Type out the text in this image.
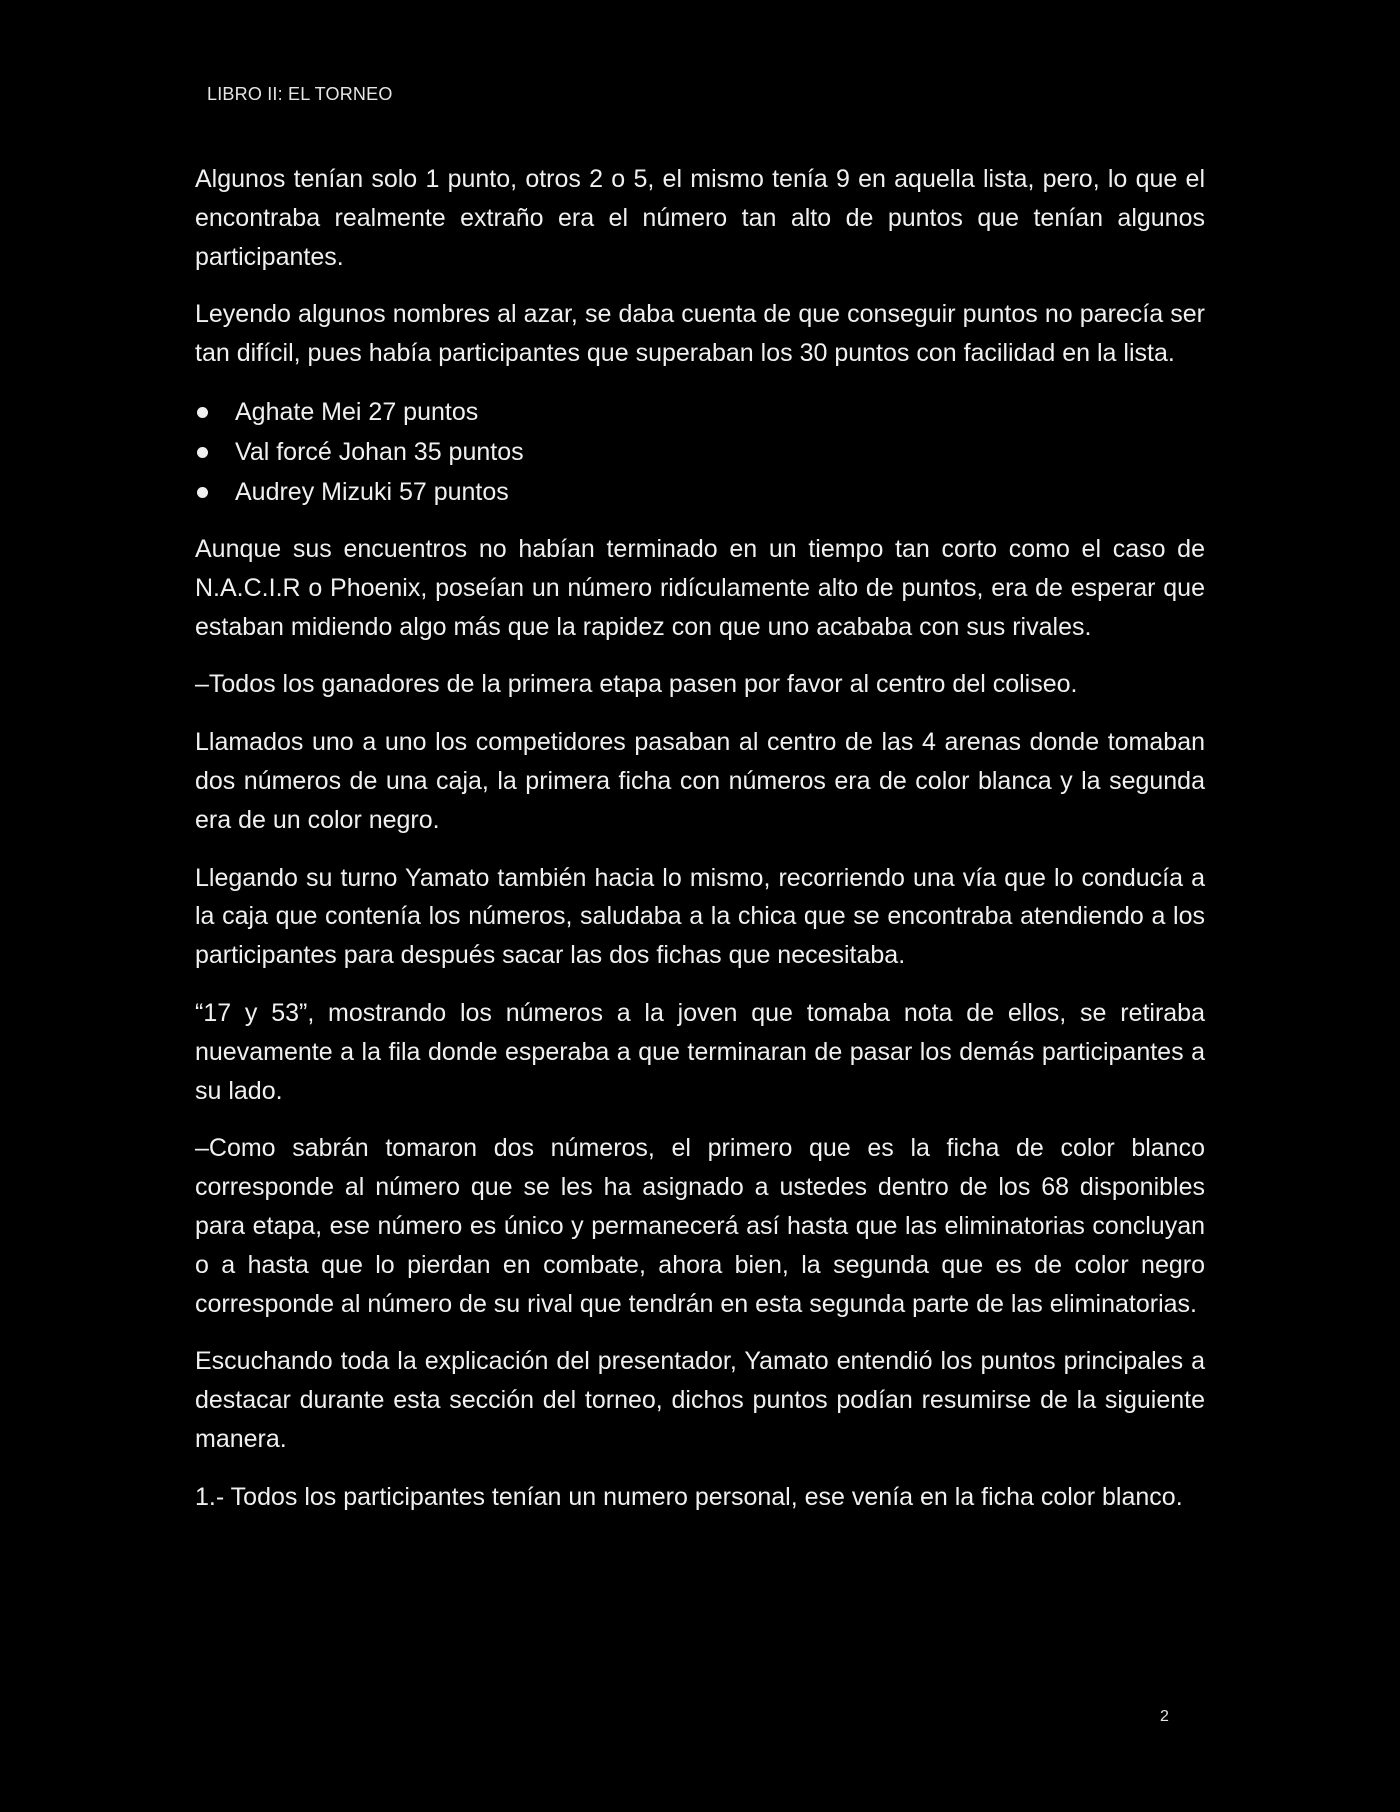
LIBRO II: EL TORNEO

Algunos tenían solo 1 punto, otros 2 o 5, el mismo tenía 9 en aquella lista, pero, lo que el encontraba realmente extraño era el número tan alto de puntos que tenían algunos participantes.

Leyendo algunos nombres al azar, se daba cuenta de que conseguir puntos no parecía ser tan difícil, pues había participantes que superaban los 30 puntos con facilidad en la lista.

Aghate Mei 27 puntos
Val forcé Johan 35 puntos
Audrey Mizuki 57 puntos

Aunque sus encuentros no habían terminado en un tiempo tan corto como el caso de N.A.C.I.R o Phoenix, poseían un número ridículamente alto de puntos, era de esperar que estaban midiendo algo más que la rapidez con que uno acababa con sus rivales.

–Todos los ganadores de la primera etapa pasen por favor al centro del coliseo.

Llamados uno a uno los competidores pasaban al centro de las 4 arenas donde tomaban dos números de una caja, la primera ficha con números era de color blanca y la segunda era de un color negro.

Llegando su turno Yamato también hacia lo mismo, recorriendo una vía que lo conducía a la caja que contenía los números, saludaba a la chica que se encontraba atendiendo a los participantes para después sacar las dos fichas que necesitaba.

“17 y 53”, mostrando los números a la joven que tomaba nota de ellos, se retiraba nuevamente a la fila donde esperaba a que terminaran de pasar los demás participantes a su lado.

–Como sabrán tomaron dos números, el primero que es la ficha de color blanco corresponde al número que se les ha asignado a ustedes dentro de los 68 disponibles para etapa, ese número es único y permanecerá así hasta que las eliminatorias concluyan o a hasta que lo pierdan en combate, ahora bien, la segunda que es de color negro corresponde al número de su rival que tendrán en esta segunda parte de las eliminatorias.

Escuchando toda la explicación del presentador, Yamato entendió los puntos principales a destacar durante esta sección del torneo, dichos puntos podían resumirse de la siguiente manera.

1.- Todos los participantes tenían un numero personal, ese venía en la ficha color blanco.

2
